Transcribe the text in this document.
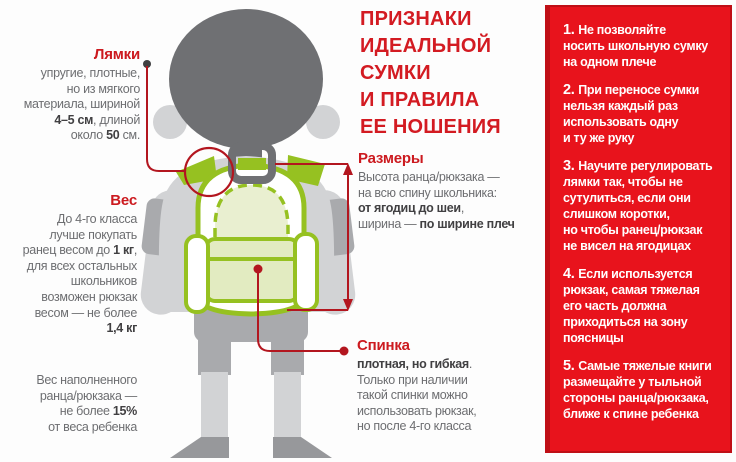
ПРИЗНАКИ
ИДЕАЛЬНОЙ
СУМКИ
И ПРАВИЛА
ЕЕ НОШЕНИЯ
Лямки
упругие, плотные,
но из мягкого
материала, шириной
4–5 см, длиной
около 50 см.
Вес
До 4-го класса
лучше покупать
ранец весом до 1 кг,
для всех остальных
школьников
возможен рюкзак
весом — не более
1,4 кг
Вес наполненного
ранца/рюкзака —
не более 15%
от веса ребенка
Размеры
Высота ранца/рюкзака —
на всю спину школьника:
от ягодиц до шеи,
ширина — по ширине плеч
Спинка
плотная, но гибкая.
Только при наличии
такой спинки можно
использовать рюкзак,
но после 4-го класса
1. Не позволяйте
носить школьную сумку
на одном плече
2. При переносе сумки
нельзя каждый раз
использовать одну
и ту же руку
3. Научите регулировать
лямки так, чтобы не
сутулиться, если они
слишком коротки,
но чтобы ранец/рюкзак
не висел на ягодицах
4. Если используется
рюкзак, самая тяжелая
его часть должна
приходиться на зону
поясницы
5. Самые тяжелые книги
размещайте у тыльной
стороны ранца/рюкзака,
ближе к спине ребенка
